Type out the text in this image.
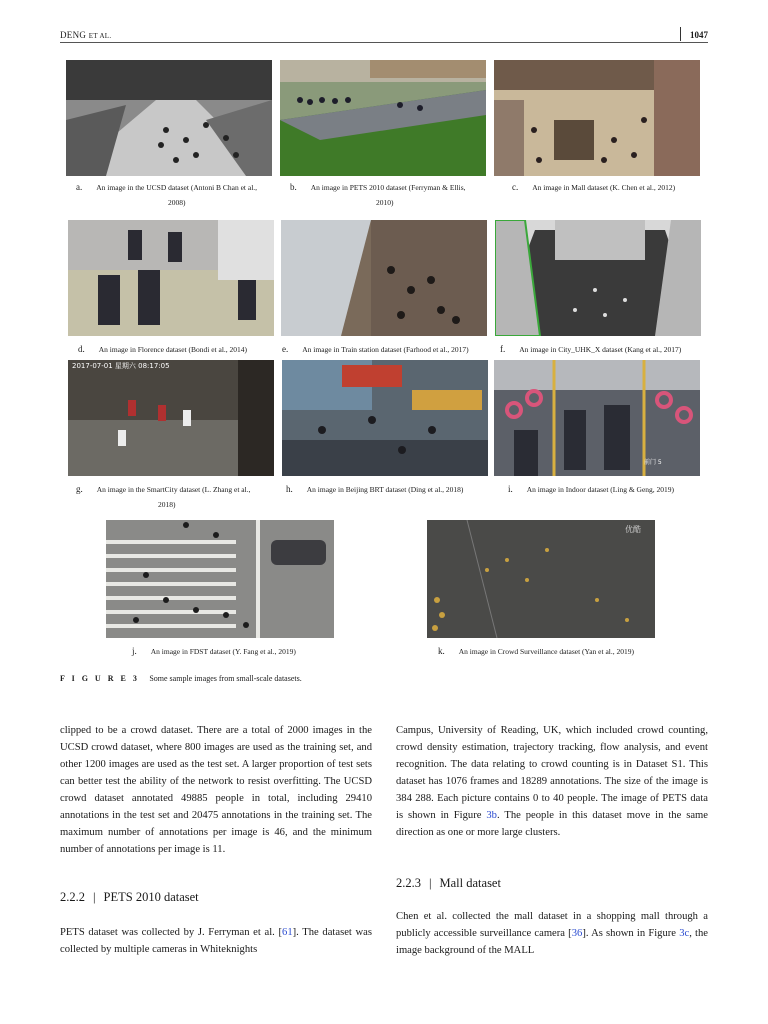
DENG ET AL.	1047
a. An image in the UCSD dataset (Antoni B Chan et al.,
2008)
b. An image in PETS 2010 dataset (Ferryman & Ellis,
2010)
c. An image in Mall dataset (K. Chen et al., 2012)
d. An image in Florence dataset (Bondi et al., 2014)	e. An image in Train station dataset (Farhood et al., 2017)	f. An image in City_UHK_X dataset (Kang et al., 2017)
2017-07-01 星期六 08:17:05
前门 5
g. An image in the SmartCity dataset (L. Zhang et al.,
2018)
h. An image in Beijing BRT dataset (Ding et al., 2018)	i. An image in Indoor dataset (Ling & Geng, 2019)
优酷
j. An image in FDST dataset (Y. Fang et al., 2019)	k. An image in Crowd Surveillance dataset (Yan et al., 2019)
F I G U R E 3 Some sample images from small-scale datasets.

clipped to be a crowd dataset. There are a total of 2000 images in the UCSD crowd dataset, where 800 images are used as the training set, and other 1200 images are used as the test set. A larger proportion of test sets can better test the ability of the network to resist overfitting. The UCSD crowd dataset annotated 49885 people in total, including 29410 annotations in the test set and 20475 annotations in the training set. The maximum number of annotations per image is 46, and the minimum number of annotations per image is 11.

2.2.2 | PETS 2010 dataset

PETS dataset was collected by J. Ferryman et al. [61]. The dataset was collected by multiple cameras in Whiteknights

Campus, University of Reading, UK, which included crowd counting, crowd density estimation, trajectory tracking, flow analysis, and event recognition. The data relating to crowd counting is in Dataset S1. This dataset has 1076 frames and 18289 annotations. The size of the image is 384 288. Each picture contains 0 to 40 people. The image of PETS data is shown in Figure 3b. The people in this dataset move in the same direction as one or more large clusters.

2.2.3 | Mall dataset

Chen et al. collected the mall dataset in a shopping mall through a publicly accessible surveillance camera [36]. As shown in Figure 3c, the image background of the MALL
